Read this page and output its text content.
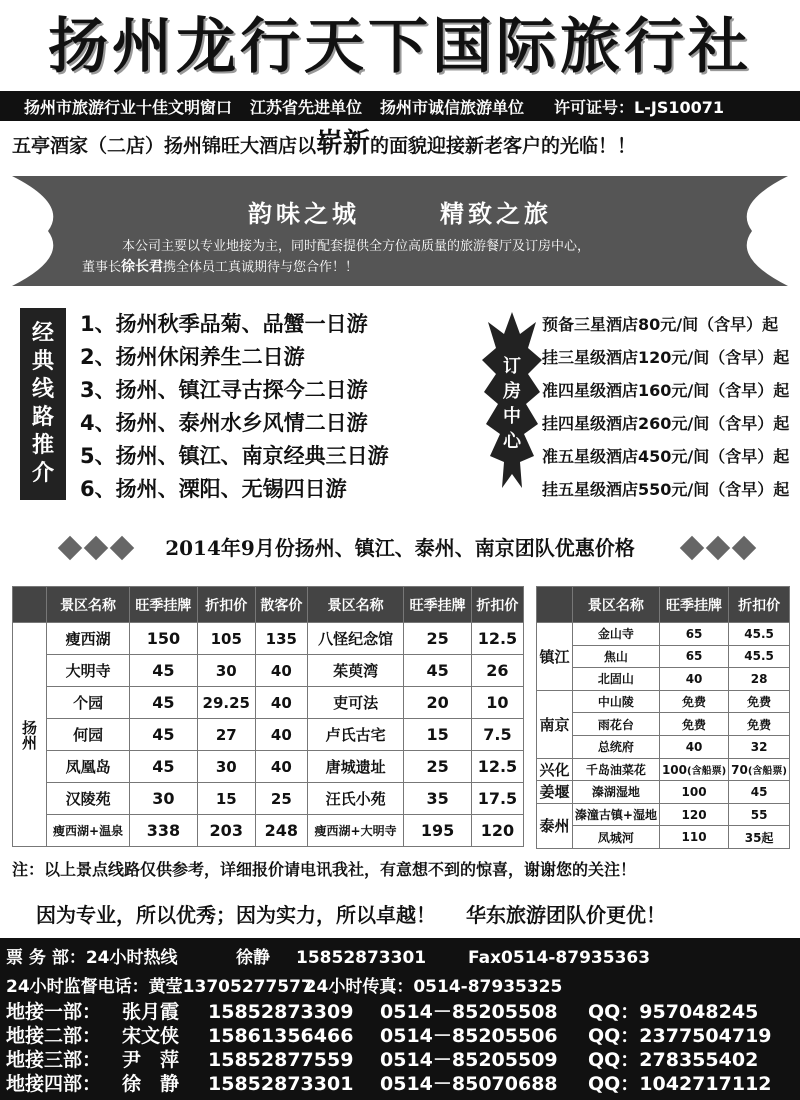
扬州龙行天下国际旅行社
扬州市旅游行业十佳文明窗口 江苏省先进单位 扬州市诚信旅游单位 许可证号：L-JS10071
五亭酒家（二店）扬州锦旺大酒店以崭新的面貌迎接新老客户的光临！！
韵味之城	精致之旅
本公司主要以专业地接为主，同时配套提供全方位高质量的旅游餐厅及订房中心，
董事长徐长君携全体员工真诚期待与您合作！！
经
典
线
路
推
介
1、扬州秋季品菊、品蟹一日游
2、扬州休闲养生二日游
3、扬州、镇江寻古探今二日游
4、扬州、泰州水乡风情二日游
5、扬州、镇江、南京经典三日游
6、扬州、溧阳、无锡四日游
订
房
中
心
预备三星酒店80元/间（含早）起
挂三星级酒店120元/间（含早）起
准四星级酒店160元/间（含早）起
挂四星级酒店260元/间（含早）起
准五星级酒店450元/间（含早）起
挂五星级酒店550元/间（含早）起
2014年9月份扬州、镇江、泰州、南京团队优惠价格
	景区名称	旺季挂牌	折扣价	散客价	景区名称	旺季挂牌	折扣价
扬州	瘦西湖	150	105	135	八怪纪念馆	25	12.5
	大明寺	45	30	40	茱萸湾	45	26
	个园	45	29.25	40	吏可法	20	10
	何园	45	27	40	卢氏古宅	15	7.5
	凤凰岛	45	30	40	唐城遗址	25	12.5
	汉陵苑	30	15	25	汪氏小苑	35	17.5
	瘦西湖+温泉	338	203	248	瘦西湖+大明寺	195	120
	景区名称	旺季挂牌	折扣价
镇江	金山寺	65	45.5
	焦山	65	45.5
	北固山	40	28
南京	中山陵	免费	免费
	雨花台	免费	免费
	总统府	40	32
兴化	千岛油菜花	100(含船票)	70(含船票)
姜堰	溱湖湿地	100	45
泰州	溱潼古镇+湿地	120	55
	凤城河	110	35起
注：以上景点线路仅供参考，详细报价请电讯我社，有意想不到的惊喜，谢谢您的关注！
因为专业，所以优秀；因为实力，所以卓越！ 华东旅游团队价更优！
票 务 部：24小时热线	徐静 15852873301 Fax0514-87935363
24小时监督电话：黄莹1370527757724小时传真：0514-87935325
地接一部： 张月霞 15852873309 0514－85205508 QQ：957048245
地接二部： 宋文侠 15861356466 0514－85205506 QQ：2377504719
地接三部： 尹　萍 15852877559 0514－85205509 QQ：278355402
地接四部： 徐　静 15852873301 0514－85070688 QQ：1042717112
